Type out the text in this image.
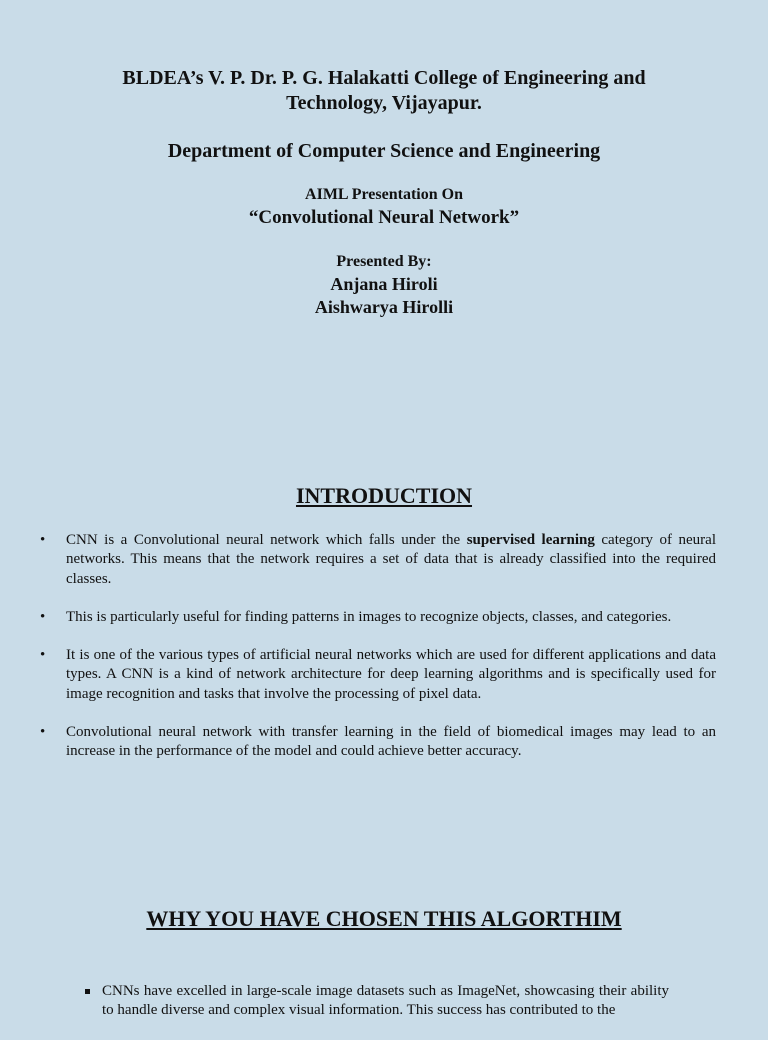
BLDEA’s V. P. Dr. P. G. Halakatti College of Engineering and
Technology, Vijayapur.

Department of Computer Science and Engineering

AIML Presentation On

“Convolutional Neural Network”

Presented By:

Anjana Hiroli

Aishwarya Hirolli

INTRODUCTION
•	CNN is a Convolutional neural network which falls under the supervised learning category of neural networks. This means that the network requires a set of data that is already classified into the required classes.
•	This is particularly useful for finding patterns in images to recognize objects, classes, and categories.
•	It is one of the various types of artificial neural networks which are used for different applications and data types. A CNN is a kind of network architecture for deep learning algorithms and is specifically used for image recognition and tasks that involve the processing of pixel data.
•	Convolutional neural network with transfer learning in the field of biomedical images may lead to an increase in the performance of the model and could achieve better accuracy.
WHY YOU HAVE CHOSEN THIS ALGORTHIM
CNNs have excelled in large-scale image datasets such as ImageNet, showcasing their ability to handle diverse and complex visual information. This success has contributed to the
